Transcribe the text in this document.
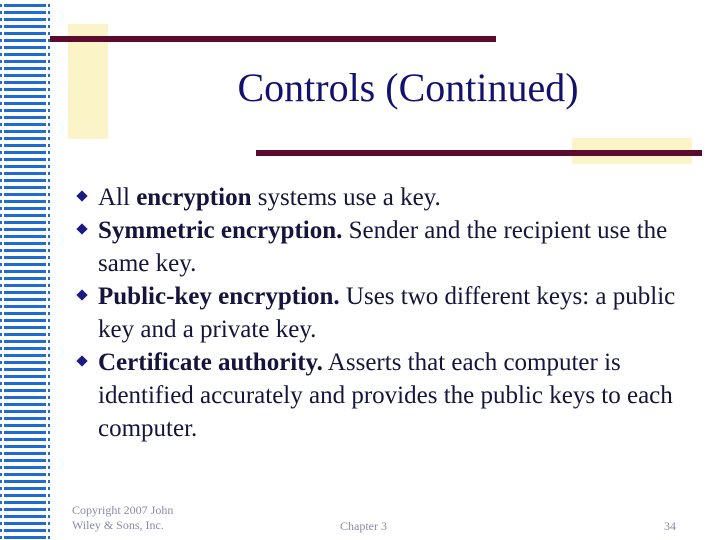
Controls (Continued)
All encryption systems use a key.
Symmetric encryption. Sender and the recipient use the same key.
Public-key encryption. Uses two different keys: a public key and a private key.
Certificate authority. Asserts that each computer is identified accurately and provides the public keys to each computer.
Copyright 2007 John
Wiley & Sons, Inc.	Chapter 3	34
